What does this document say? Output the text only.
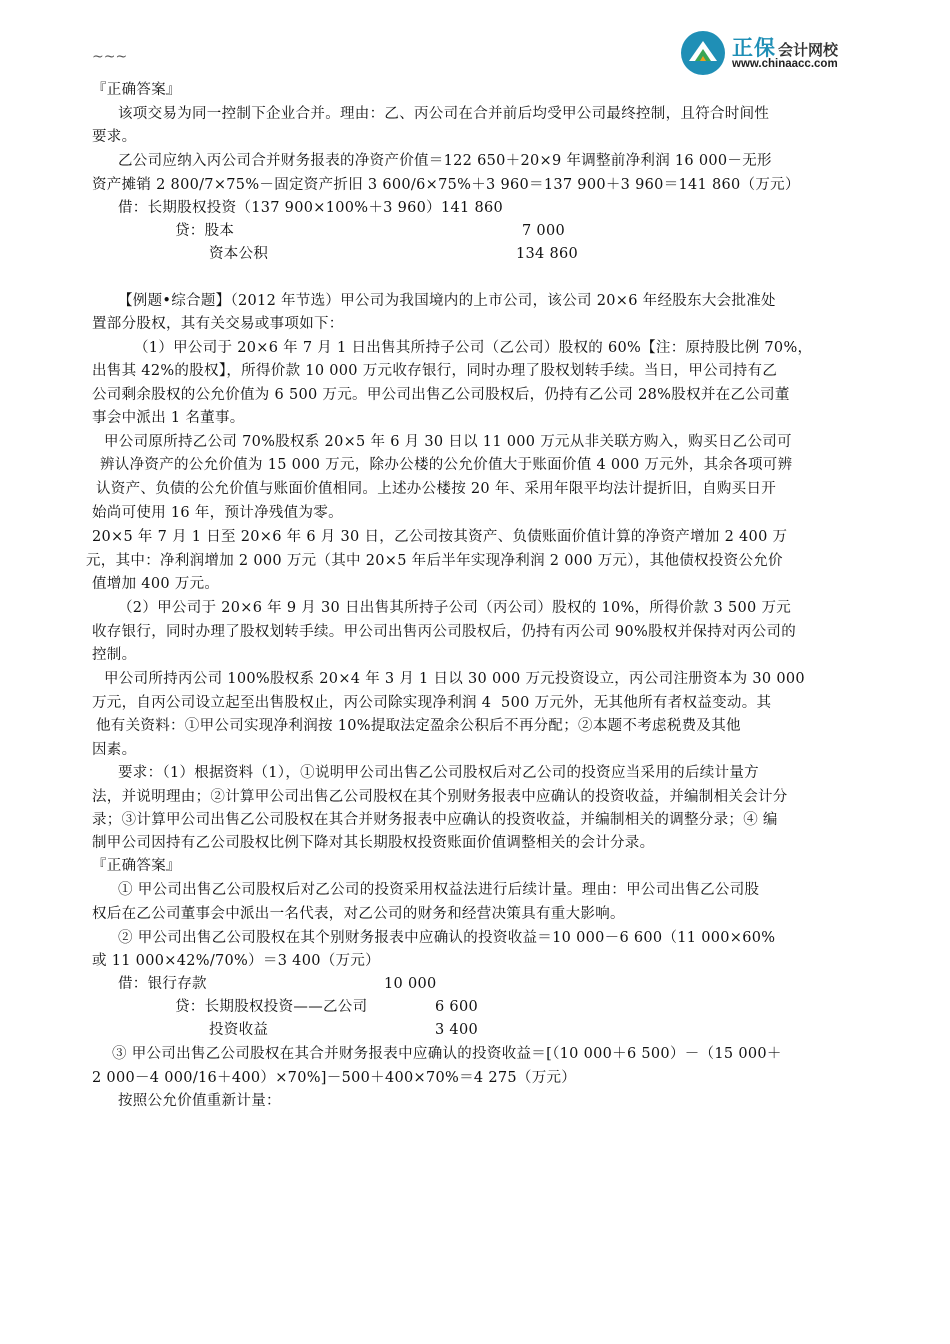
正保 会计网校
www.chinaacc.com
~~~
『正确答案』
该项交易为同一控制下企业合并。理由：乙、丙公司在合并前后均受甲公司最终控制，且符合时间性
要求。
乙公司应纳入丙公司合并财务报表的净资产价值＝122 650＋20×9 年调整前净利润 16 000－无形
资产摊销 2 800/7×75%－固定资产折旧 3 600/6×75%＋3 960＝137 900＋3 960＝141 860（万元）
借：长期股权投资（137 900×100%＋3 960）141 860
贷：股本	7 000
资本公积	134 860
【例题•综合题】（2012 年节选）甲公司为我国境内的上市公司，该公司 20×6 年经股东大会批准处
置部分股权，其有关交易或事项如下：
（1）甲公司于 20×6 年 7 月 1 日出售其所持子公司（乙公司）股权的 60%【注：原持股比例 70%，
出售其 42%的股权】，所得价款 10 000 万元收存银行，同时办理了股权划转手续。当日，甲公司持有乙
公司剩余股权的公允价值为 6 500 万元。甲公司出售乙公司股权后，仍持有乙公司 28%股权并在乙公司董
事会中派出 1 名董事。
甲公司原所持乙公司 70%股权系 20×5 年 6 月 30 日以 11 000 万元从非关联方购入，购买日乙公司可
辨认净资产的公允价值为 15 000 万元，除办公楼的公允价值大于账面价值 4 000 万元外，其余各项可辨
认资产、负债的公允价值与账面价值相同。上述办公楼按 20 年、采用年限平均法计提折旧，自购买日开
始尚可使用 16 年，预计净残值为零。
20×5 年 7 月 1 日至 20×6 年 6 月 30 日，乙公司按其资产、负债账面价值计算的净资产增加 2 400 万
元，其中：净利润增加 2 000 万元（其中 20×5 年后半年实现净利润 2 000 万元），其他债权投资公允价
值增加 400 万元。
（2）甲公司于 20×6 年 9 月 30 日出售其所持子公司（丙公司）股权的 10%，所得价款 3 500 万元
收存银行，同时办理了股权划转手续。甲公司出售丙公司股权后，仍持有丙公司 90%股权并保持对丙公司的
控制。
甲公司所持丙公司 100%股权系 20×4 年 3 月 1 日以 30 000 万元投资设立，丙公司注册资本为 30 000
万元，自丙公司设立起至出售股权止，丙公司除实现净利润 4  500 万元外，无其他所有者权益变动。其
他有关资料：①甲公司实现净利润按 10%提取法定盈余公积后不再分配；②本题不考虑税费及其他
因素。
要求：（1）根据资料（1），①说明甲公司出售乙公司股权后对乙公司的投资应当采用的后续计量方
法，并说明理由；②计算甲公司出售乙公司股权在其个别财务报表中应确认的投资收益，并编制相关会计分
录；③计算甲公司出售乙公司股权在其合并财务报表中应确认的投资收益，并编制相关的调整分录；④ 编
制甲公司因持有乙公司股权比例下降对其长期股权投资账面价值调整相关的会计分录。
『正确答案』
① 甲公司出售乙公司股权后对乙公司的投资采用权益法进行后续计量。理由：甲公司出售乙公司股
权后在乙公司董事会中派出一名代表，对乙公司的财务和经营决策具有重大影响。
② 甲公司出售乙公司股权在其个别财务报表中应确认的投资收益＝10 000－6 600（11 000×60%
或 11 000×42%/70%）＝3 400（万元）
借：银行存款	10 000
贷：长期股权投资——乙公司	6 600
投资收益	3 400
③ 甲公司出售乙公司股权在其合并财务报表中应确认的投资收益＝[（10 000＋6 500）－（15 000＋
2 000－4 000/16＋400）×70%]－500＋400×70%＝4 275（万元）
按照公允价值重新计量：
